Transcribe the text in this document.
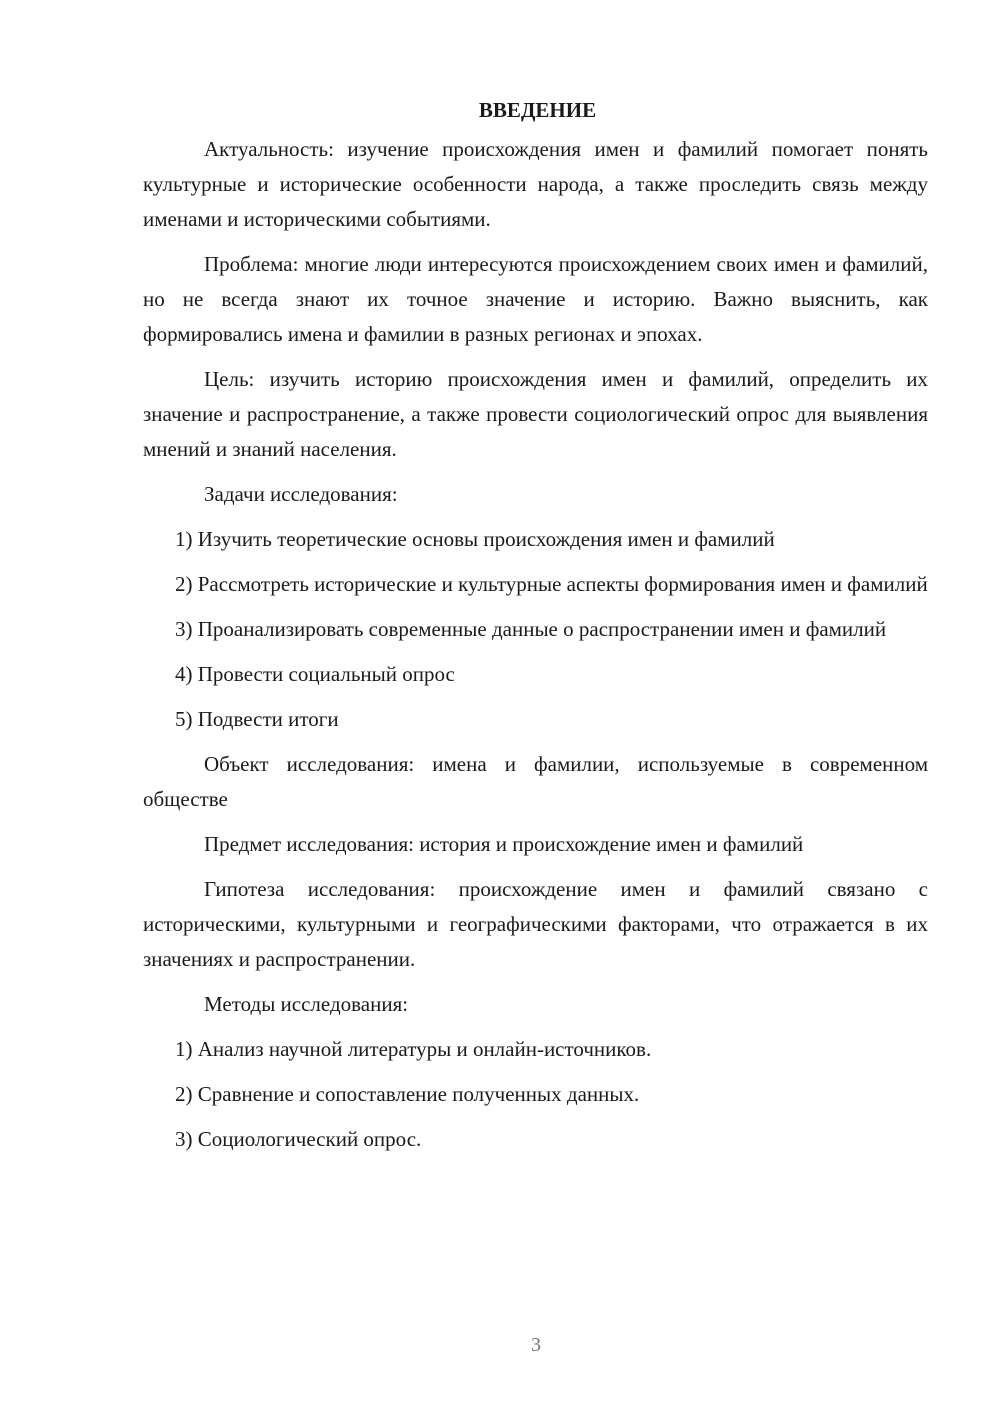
ВВЕДЕНИЕ

Актуальность: изучение происхождения имен и фамилий помогает понять культурные и исторические особенности народа, а также проследить связь между именами и историческими событиями.

Проблема: многие люди интересуются происхождением своих имен и фамилий, но не всегда знают их точное значение и историю. Важно выяснить, как формировались имена и фамилии в разных регионах и эпохах.

Цель: изучить историю происхождения имен и фамилий, определить их значение и распространение, а также провести социологический опрос для выявления мнений и знаний населения.

Задачи исследования:

1) Изучить теоретические основы происхождения имен и фамилий

2) Рассмотреть исторические и культурные аспекты формирования имен и фамилий

3) Проанализировать современные данные о распространении имен и фамилий

4) Провести социальный опрос

5) Подвести итоги

Объект исследования: имена и фамилии, используемые в современном обществе

Предмет исследования: история и происхождение имен и фамилий

Гипотеза исследования: происхождение имен и фамилий связано с историческими, культурными и географическими факторами, что отражается в их значениях и распространении.

Методы исследования:

1) Анализ научной литературы и онлайн-источников.

2) Сравнение и сопоставление полученных данных.

3) Социологический опрос.

3
